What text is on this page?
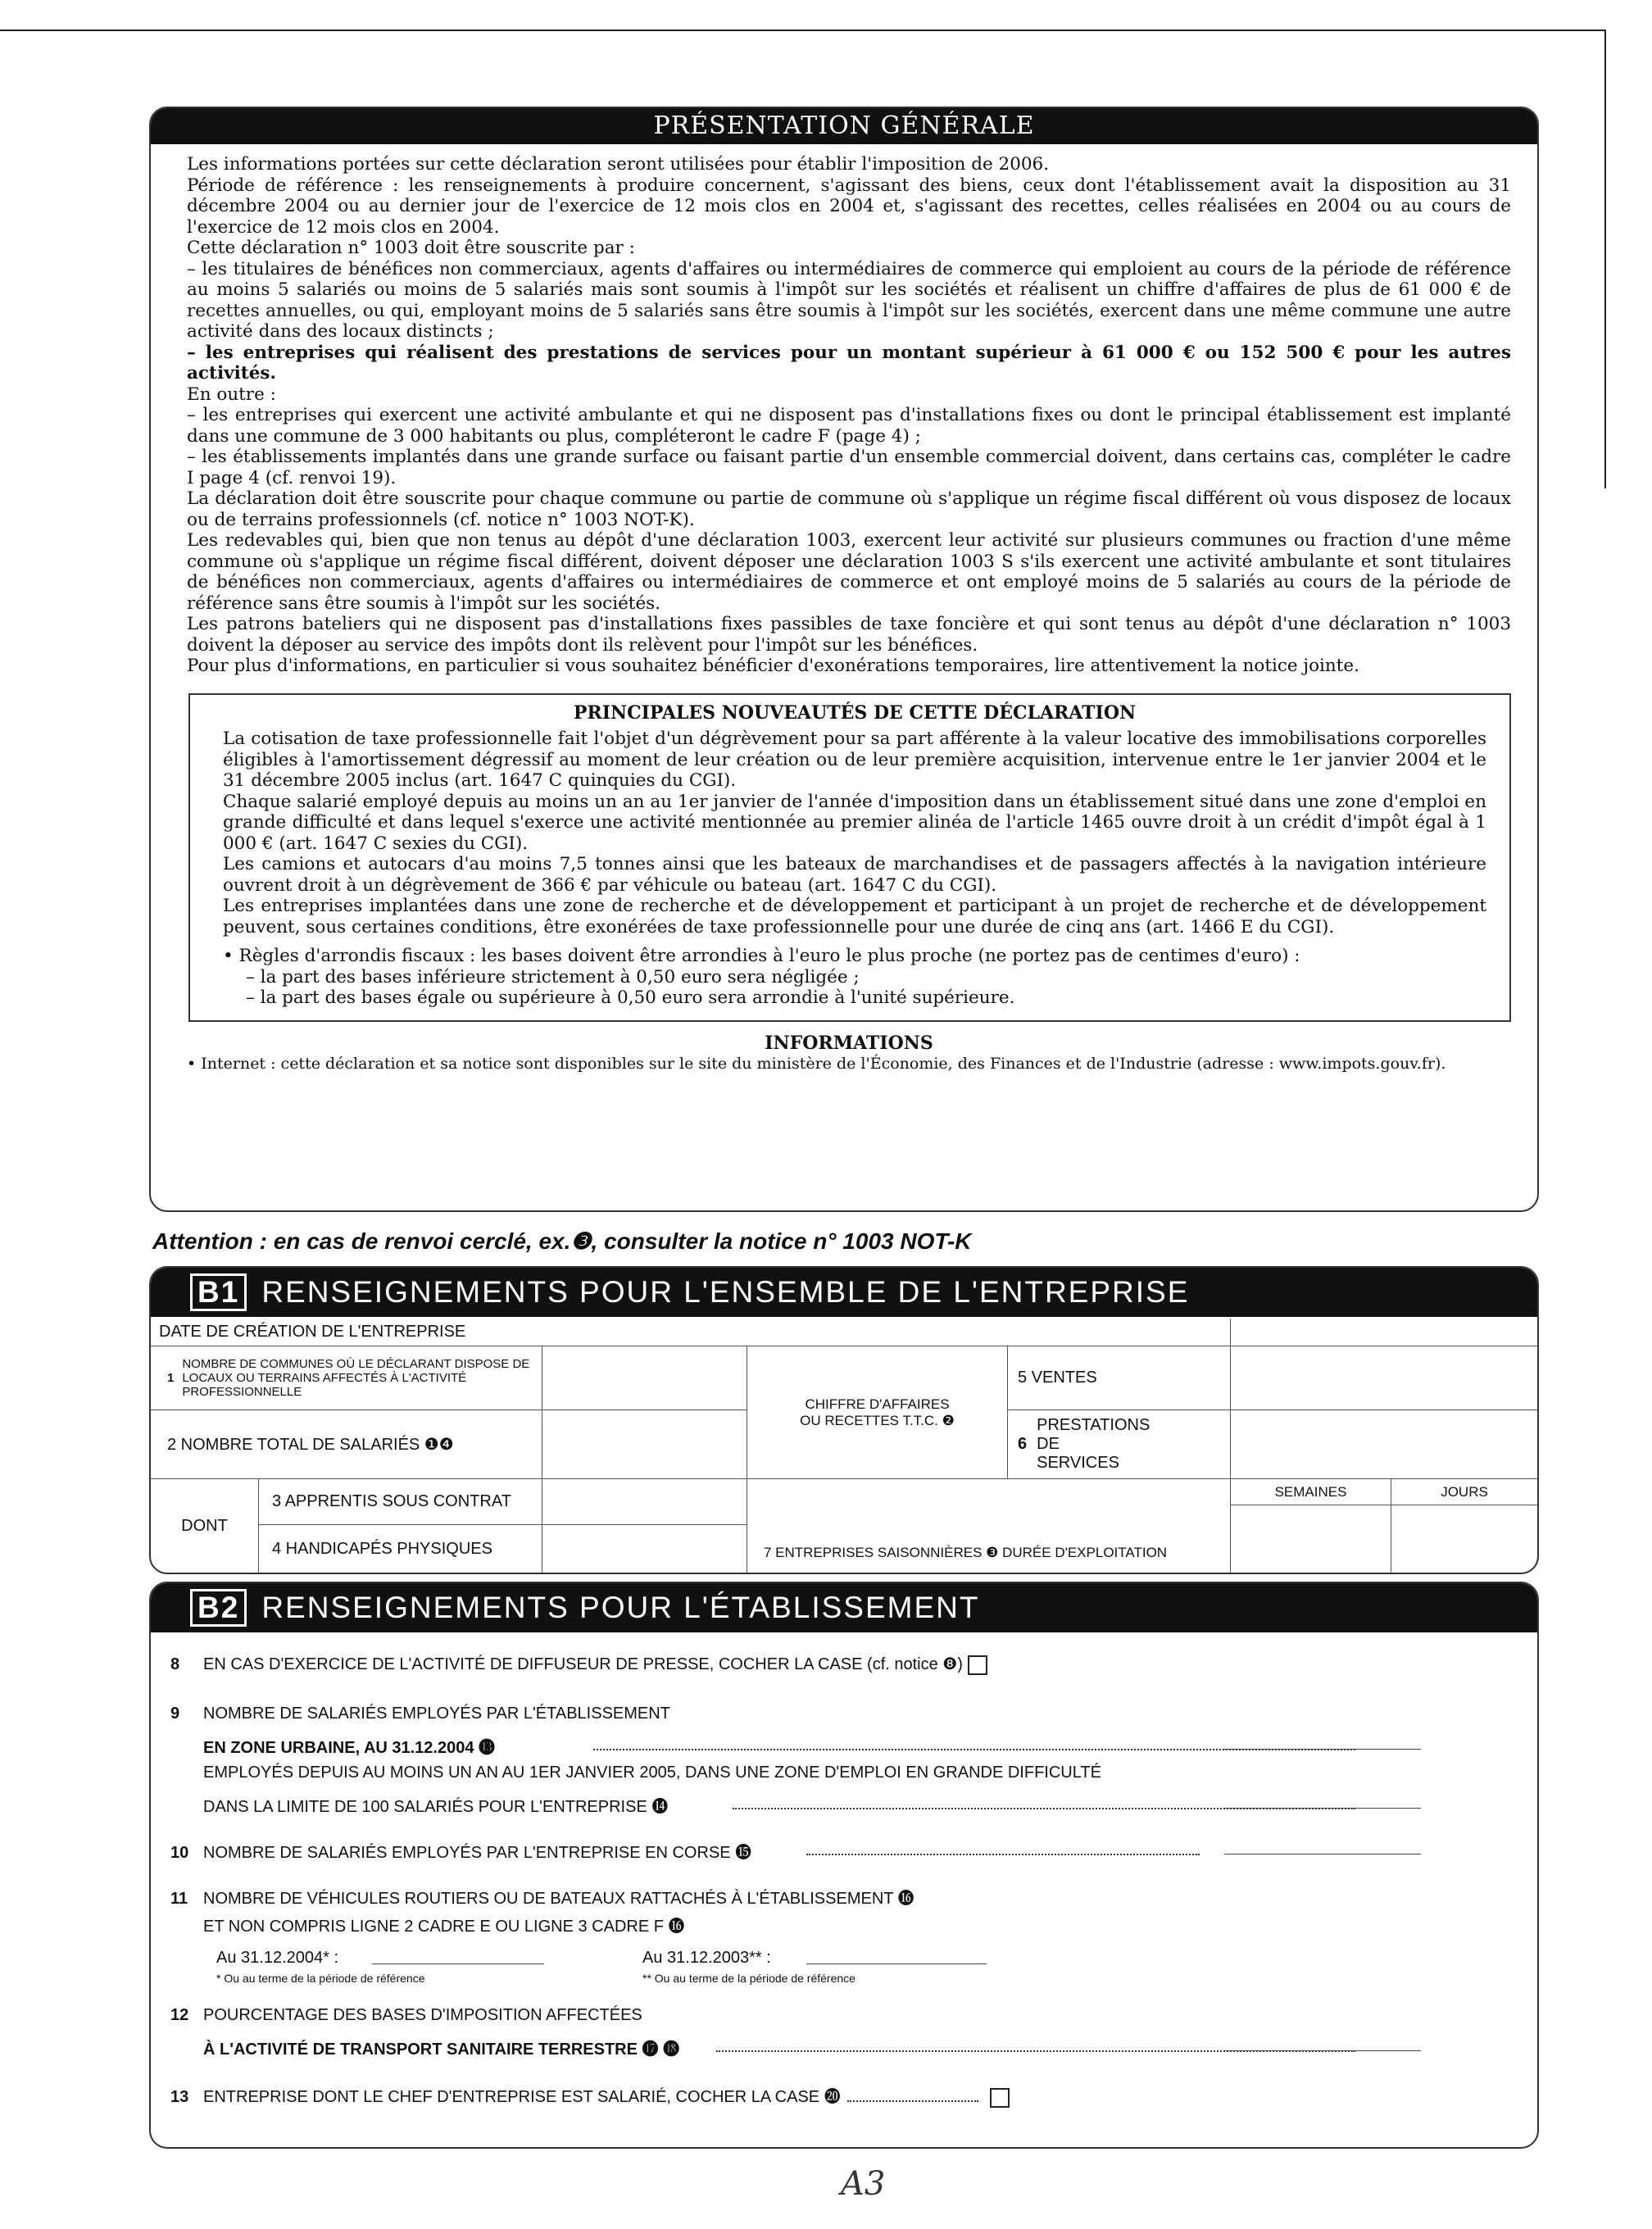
PRÉSENTATION GÉNÉRALE

Les informations portées sur cette déclaration seront utilisées pour établir l'imposition de 2006.

Période de référence : les renseignements à produire concernent, s'agissant des biens, ceux dont l'établissement avait la disposition au 31 décembre 2004 ou au dernier jour de l'exercice de 12 mois clos en 2004 et, s'agissant des recettes, celles réalisées en 2004 ou au cours de l'exercice de 12 mois clos en 2004.

Cette déclaration n° 1003 doit être souscrite par :

– les titulaires de bénéfices non commerciaux, agents d'affaires ou intermédiaires de commerce qui emploient au cours de la période de référence au moins 5 salariés ou moins de 5 salariés mais sont soumis à l'impôt sur les sociétés et réalisent un chiffre d'affaires de plus de 61 000 € de recettes annuelles, ou qui, employant moins de 5 salariés sans être soumis à l'impôt sur les sociétés, exercent dans une même commune une autre activité dans des locaux distincts ;

– les entreprises qui réalisent des prestations de services pour un montant supérieur à 61 000 € ou 152 500 € pour les autres activités.

En outre :

– les entreprises qui exercent une activité ambulante et qui ne disposent pas d'installations fixes ou dont le principal établissement est implanté dans une commune de 3 000 habitants ou plus, compléteront le cadre F (page 4) ;

– les établissements implantés dans une grande surface ou faisant partie d'un ensemble commercial doivent, dans certains cas, compléter le cadre I page 4 (cf. renvoi 19).

La déclaration doit être souscrite pour chaque commune ou partie de commune où s'applique un régime fiscal différent où vous disposez de locaux ou de terrains professionnels (cf. notice n° 1003 NOT-K).

Les redevables qui, bien que non tenus au dépôt d'une déclaration 1003, exercent leur activité sur plusieurs communes ou fraction d'une même commune où s'applique un régime fiscal différent, doivent déposer une déclaration 1003 S s'ils exercent une activité ambulante et sont titulaires de bénéfices non commerciaux, agents d'affaires ou intermédiaires de commerce et ont employé moins de 5 salariés au cours de la période de référence sans être soumis à l'impôt sur les sociétés.

Les patrons bateliers qui ne disposent pas d'installations fixes passibles de taxe foncière et qui sont tenus au dépôt d'une déclaration n° 1003 doivent la déposer au service des impôts dont ils relèvent pour l'impôt sur les bénéfices.

Pour plus d'informations, en particulier si vous souhaitez bénéficier d'exonérations temporaires, lire attentivement la notice jointe.

PRINCIPALES NOUVEAUTÉS DE CETTE DÉCLARATION

La cotisation de taxe professionnelle fait l'objet d'un dégrèvement pour sa part afférente à la valeur locative des immobilisations corporelles éligibles à l'amortissement dégressif au moment de leur création ou de leur première acquisition, intervenue entre le 1er janvier 2004 et le 31 décembre 2005 inclus (art. 1647 C quinquies du CGI).

Chaque salarié employé depuis au moins un an au 1er janvier de l'année d'imposition dans un établissement situé dans une zone d'emploi en grande difficulté et dans lequel s'exerce une activité mentionnée au premier alinéa de l'article 1465 ouvre droit à un crédit d'impôt égal à 1 000 € (art. 1647 C sexies du CGI).

Les camions et autocars d'au moins 7,5 tonnes ainsi que les bateaux de marchandises et de passagers affectés à la navigation intérieure ouvrent droit à un dégrèvement de 366 € par véhicule ou bateau (art. 1647 C du CGI).

Les entreprises implantées dans une zone de recherche et de développement et participant à un projet de recherche et de développement peuvent, sous certaines conditions, être exonérées de taxe professionnelle pour une durée de cinq ans (art. 1466 E du CGI).

• Règles d'arrondis fiscaux : les bases doivent être arrondies à l'euro le plus proche (ne portez pas de centimes d'euro) :

– la part des bases inférieure strictement à 0,50 euro sera négligée ;

– la part des bases égale ou supérieure à 0,50 euro sera arrondie à l'unité supérieure.

INFORMATIONS

• Internet : cette déclaration et sa notice sont disponibles sur le site du ministère de l'Économie, des Finances et de l'Industrie (adresse : www.impots.gouv.fr).

Attention : en cas de renvoi cerclé, ex.❸, consulter la notice n° 1003 NOT-K
B1 RENSEIGNEMENTS POUR L'ENSEMBLE DE L'ENTREPRISE
DATE DE CRÉATION DE L'ENTREPRISE
1
NOMBRE DE COMMUNES OÙ LE DÉCLARANT DISPOSE DE LOCAUX OU TERRAINS AFFECTÉS À L'ACTIVITÉ PROFESSIONNELLE
2 NOMBRE TOTAL DE SALARIÉS ❶❹
CHIFFRE D'AFFAIRES OU RECETTES T.T.C. ❷
5 VENTES
6
PRESTATIONS DE SERVICES
DONT
3 APPRENTIS SOUS CONTRAT
4 HANDICAPÉS PHYSIQUES	7 ENTREPRISES SAISONNIÈRES ❸ DURÉE D'EXPLOITATION
SEMAINES	JOURS
B2 RENSEIGNEMENTS POUR L'ÉTABLISSEMENT
8 EN CAS D'EXERCICE DE L'ACTIVITÉ DE DIFFUSEUR DE PRESSE, COCHER LA CASE (cf. notice ❽)
9 NOMBRE DE SALARIÉS EMPLOYÉS PAR L'ÉTABLISSEMENT
EN ZONE URBAINE, AU 31.12.2004 ⓭
EMPLOYÉS DEPUIS AU MOINS UN AN AU 1ER JANVIER 2005, DANS UNE ZONE D'EMPLOI EN GRANDE DIFFICULTÉ
DANS LA LIMITE DE 100 SALARIÉS POUR L'ENTREPRISE ⓮
10 NOMBRE DE SALARIÉS EMPLOYÉS PAR L'ENTREPRISE EN CORSE ⓯
11 NOMBRE DE VÉHICULES ROUTIERS OU DE BATEAUX RATTACHÉS À L'ÉTABLISSEMENT ⓰
ET NON COMPRIS LIGNE 2 CADRE E OU LIGNE 3 CADRE F ⓰
Au 31.12.2004* :
* Ou au terme de la période de référence
Au 31.12.2003** :
** Ou au terme de la période de référence
12 POURCENTAGE DES BASES D'IMPOSITION AFFECTÉES
À L'ACTIVITÉ DE TRANSPORT SANITAIRE TERRESTRE ⓱ ⓲
13 ENTREPRISE DONT LE CHEF D'ENTREPRISE EST SALARIÉ, COCHER LA CASE ⓴
A3
